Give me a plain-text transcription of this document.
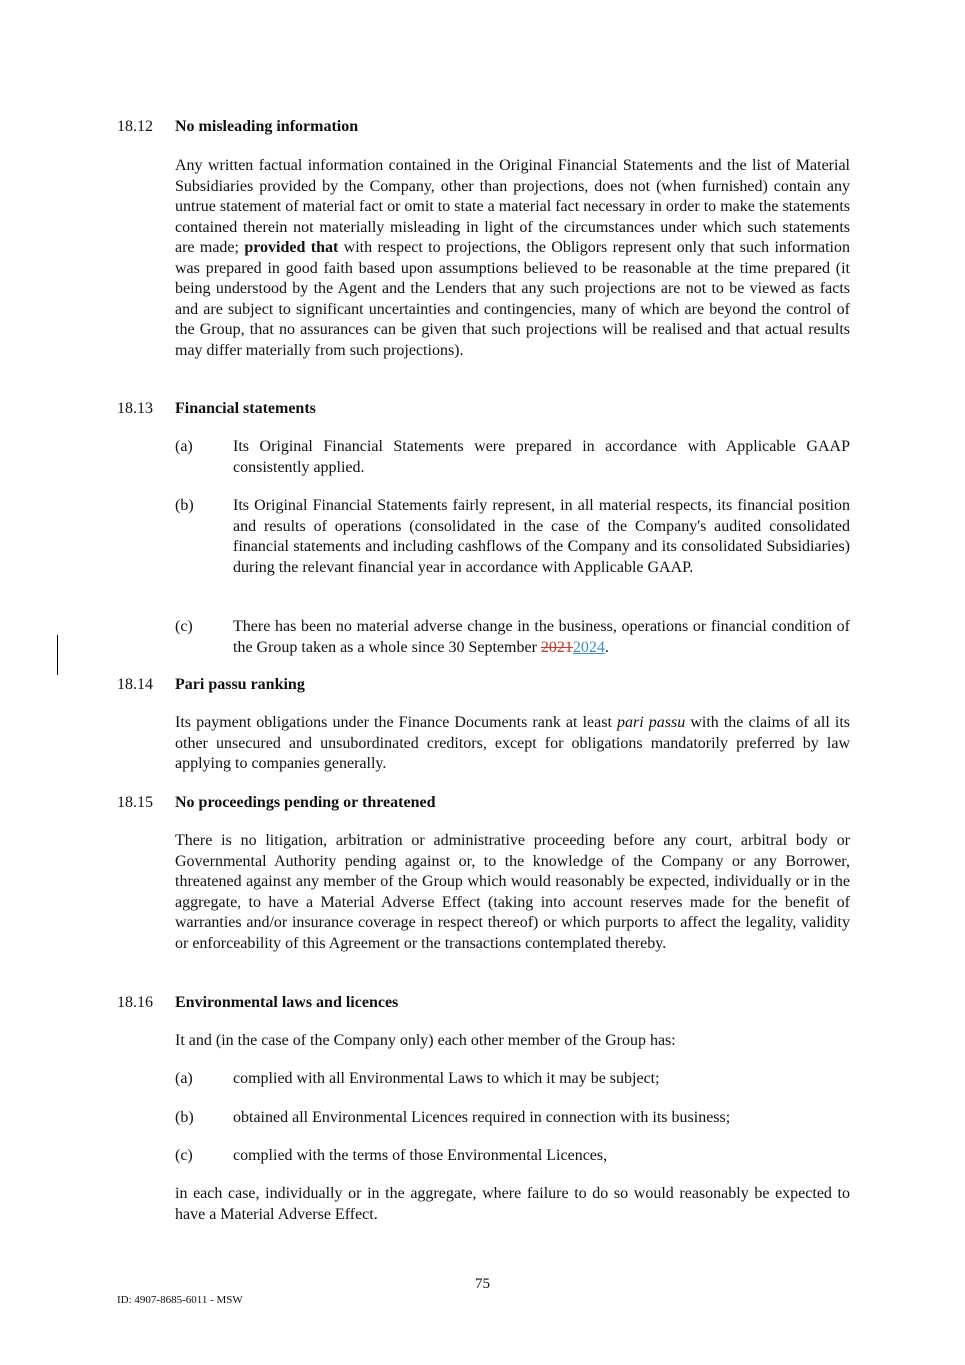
18.12 No misleading information

Any written factual information contained in the Original Financial Statements and the list of Material Subsidiaries provided by the Company, other than projections, does not (when furnished) contain any untrue statement of material fact or omit to state a material fact necessary in order to make the statements contained therein not materially misleading in light of the circumstances under which such statements are made; provided that with respect to projections, the Obligors represent only that such information was prepared in good faith based upon assumptions believed to be reasonable at the time prepared (it being understood by the Agent and the Lenders that any such projections are not to be viewed as facts and are subject to significant uncertainties and contingencies, many of which are beyond the control of the Group, that no assurances can be given that such projections will be realised and that actual results may differ materially from such projections).

18.13 Financial statements
(a)	Its Original Financial Statements were prepared in accordance with Applicable GAAP consistently applied.
(b) Its Original Financial Statements fairly represent, in all material respects, its financial position and results of operations (consolidated in the case of the Company's audited consolidated financial statements and including cashflows of the Company and its consolidated Subsidiaries) during the relevant financial year in accordance with Applicable GAAP.
(c)	There has been no material adverse change in the business, operations or financial condition of the Group taken as a whole since 30 September 20212024.
18.14 Pari passu ranking

Its payment obligations under the Finance Documents rank at least pari passu with the claims of all its other unsecured and unsubordinated creditors, except for obligations mandatorily preferred by law applying to companies generally.

18.15 No proceedings pending or threatened

There is no litigation, arbitration or administrative proceeding before any court, arbitral body or Governmental Authority pending against or, to the knowledge of the Company or any Borrower, threatened against any member of the Group which would reasonably be expected, individually or in the aggregate, to have a Material Adverse Effect (taking into account reserves made for the benefit of warranties and/or insurance coverage in respect thereof) or which purports to affect the legality, validity or enforceability of this Agreement or the transactions contemplated thereby.

18.16 Environmental laws and licences

It and (in the case of the Company only) each other member of the Group has:

(a)	complied with all Environmental Laws to which it may be subject;
(b) obtained all Environmental Licences required in connection with its business;
(c)	complied with the terms of those Environmental Licences,

in each case, individually or in the aggregate, where failure to do so would reasonably be expected to have a Material Adverse Effect.

75
ID: 4907-8685-6011 - MSW
